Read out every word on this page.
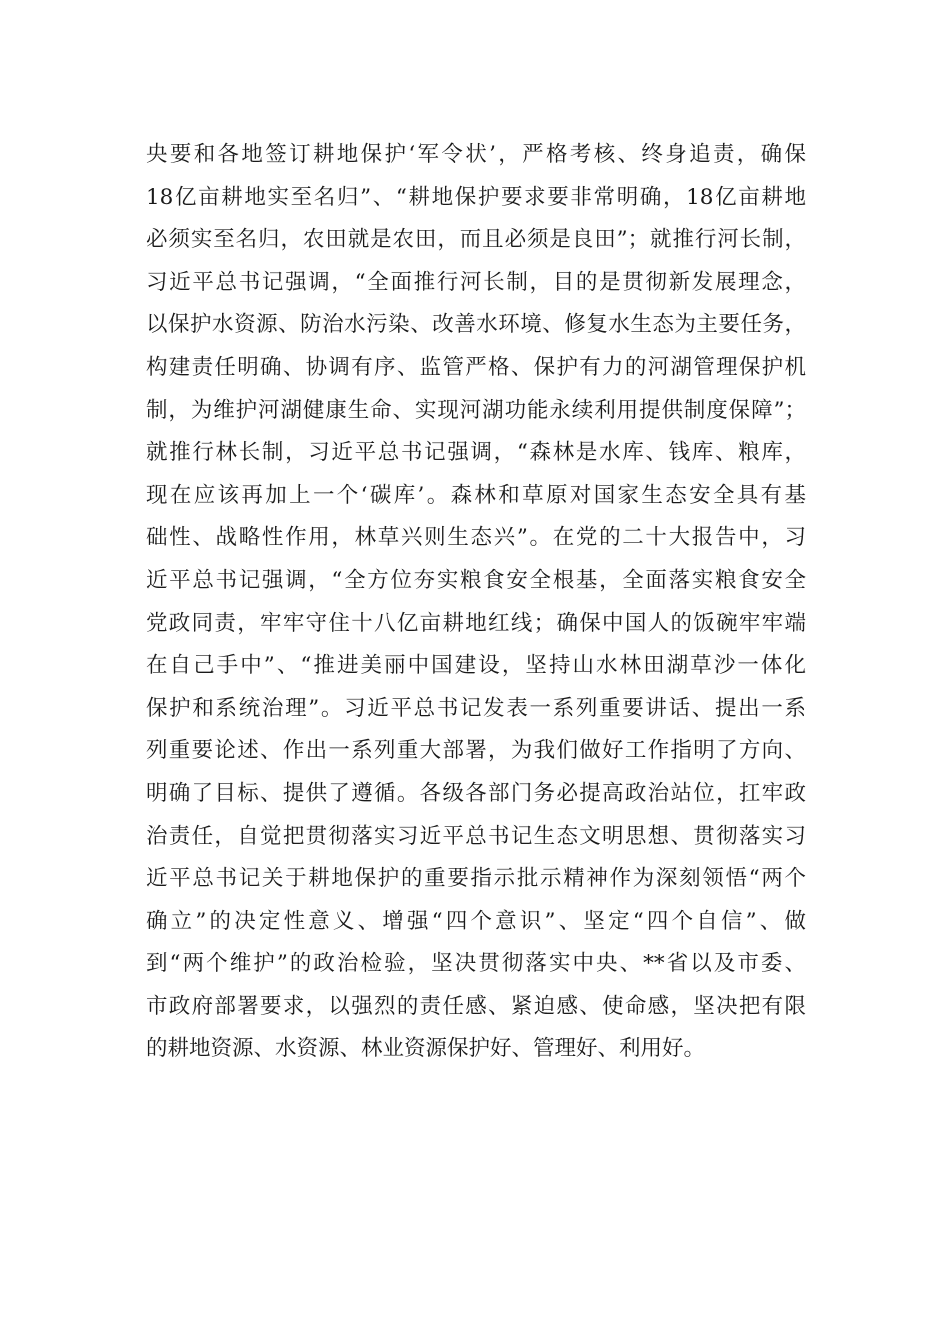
央要和各地签订耕地保护‘军令状’，严格考核、终身追责，确保
18亿亩耕地实至名归”、“耕地保护要求要非常明确，18亿亩耕地
必须实至名归，农田就是农田，而且必须是良田”；就推行河长制，
习近平总书记强调，“全面推行河长制，目的是贯彻新发展理念，
以保护水资源、防治水污染、改善水环境、修复水生态为主要任务，
构建责任明确、协调有序、监管严格、保护有力的河湖管理保护机
制，为维护河湖健康生命、实现河湖功能永续利用提供制度保障”；
就推行林长制，习近平总书记强调，“森林是水库、钱库、粮库，
现在应该再加上一个‘碳库’。森林和草原对国家生态安全具有基
础性、战略性作用，林草兴则生态兴”。在党的二十大报告中，习
近平总书记强调，“全方位夯实粮食安全根基，全面落实粮食安全
党政同责，牢牢守住十八亿亩耕地红线；确保中国人的饭碗牢牢端
在自己手中”、“推进美丽中国建设，坚持山水林田湖草沙一体化
保护和系统治理”。习近平总书记发表一系列重要讲话、提出一系
列重要论述、作出一系列重大部署，为我们做好工作指明了方向、
明确了目标、提供了遵循。各级各部门务必提高政治站位，扛牢政
治责任，自觉把贯彻落实习近平总书记生态文明思想、贯彻落实习
近平总书记关于耕地保护的重要指示批示精神作为深刻领悟“两个
确立”的决定性意义、增强“四个意识”、坚定“四个自信”、做
到“两个维护”的政治检验，坚决贯彻落实中央、**省以及市委、
市政府部署要求，以强烈的责任感、紧迫感、使命感，坚决把有限
的耕地资源、水资源、林业资源保护好、管理好、利用好。
